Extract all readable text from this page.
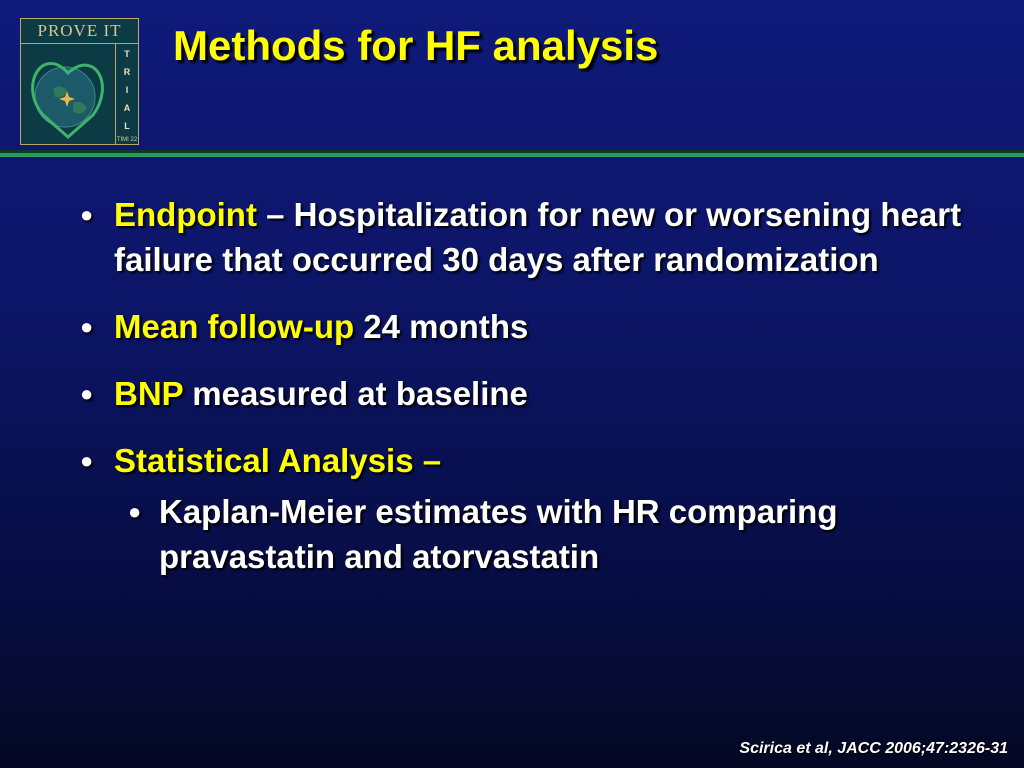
PROVE IT
T
R
I
A
L
TIMI 22
Methods for HF analysis
● Endpoint – Hospitalization for new or worsening heart failure that occurred 30 days after randomization
● Mean follow-up 24 months
● BNP measured at baseline
● Statistical Analysis –
● Kaplan-Meier estimates with HR comparing pravastatin and atorvastatin
Scirica et al, JACC 2006;47:2326-31
